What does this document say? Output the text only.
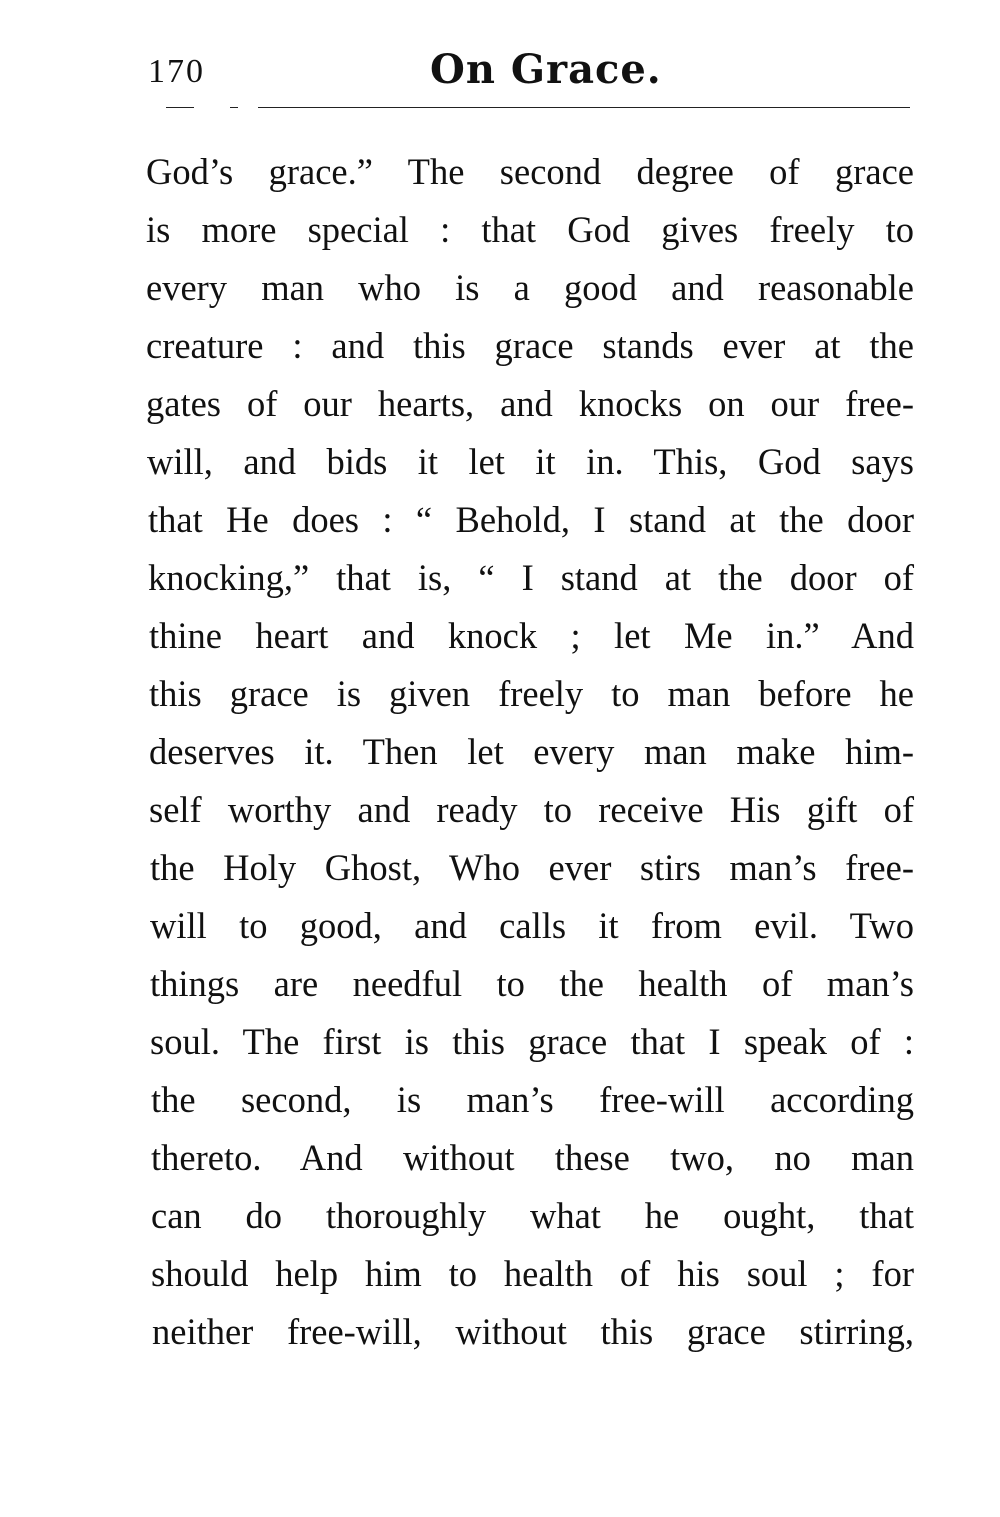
170	On Grace.
God’s grace.” The second degree of grace
is more special : that God gives freely to
every man who is a good and reasonable
creature : and this grace stands ever at the
gates of our hearts, and knocks on our free-
will, and bids it let it in. This, God says
that He does : “ Behold, I stand at the door
knocking,” that is, “ I stand at the door of
thine heart and knock ; let Me in.” And
this grace is given freely to man before he
deserves it. Then let every man make him-
self worthy and ready to receive His gift of
the Holy Ghost, Who ever stirs man’s free-
will to good, and calls it from evil. Two
things are needful to the health of man’s
soul. The first is this grace that I speak of :
the second, is man’s free-will according
thereto. And without these two, no man
can do thoroughly what he ought, that
should help him to health of his soul ; for
neither free-will, without this grace stirring,
